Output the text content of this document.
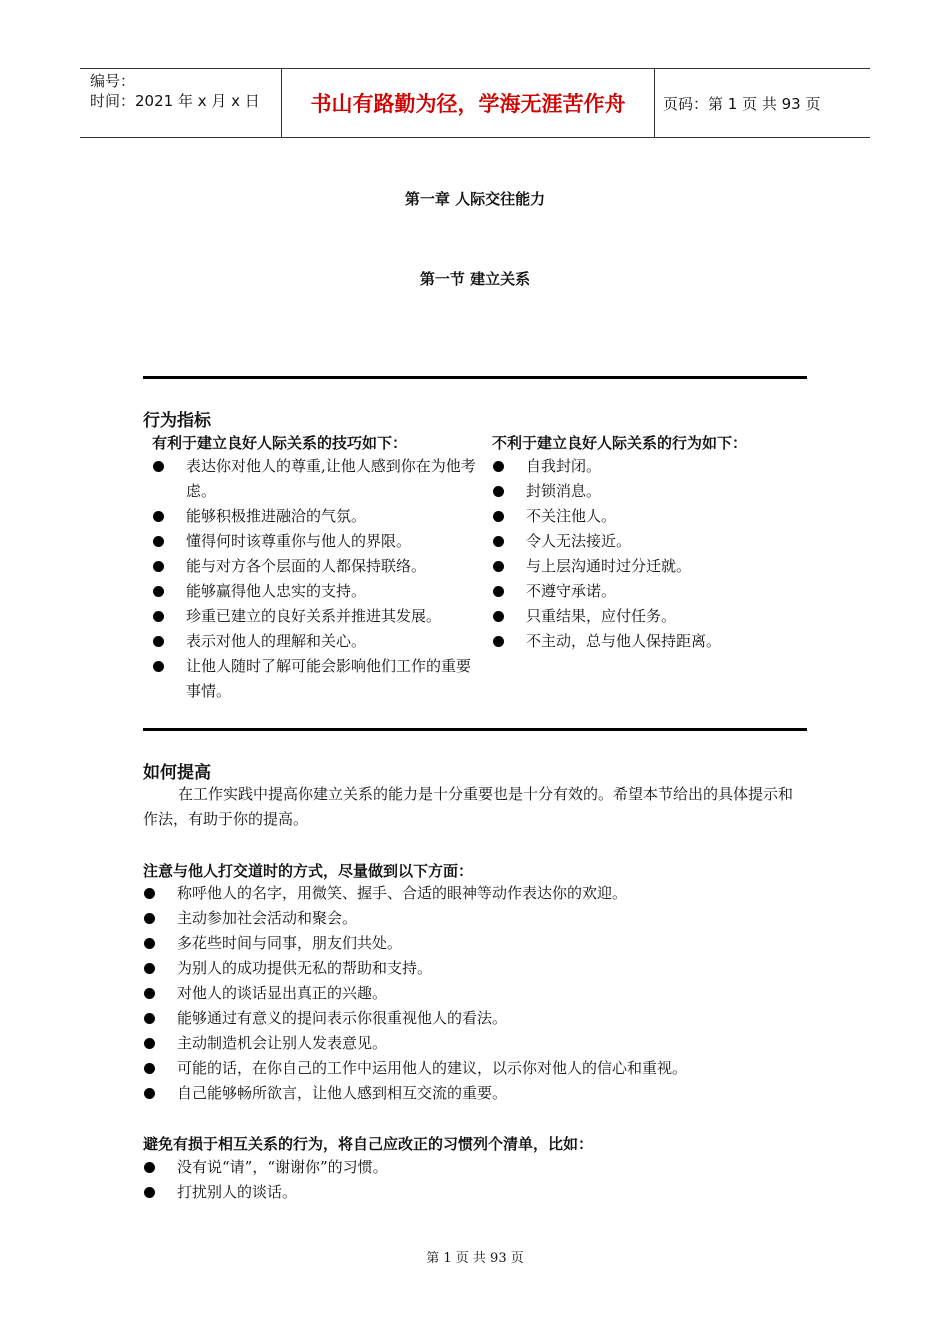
编号：
时间：2021 年 x 月 x 日	书山有路勤为径，学海无涯苦作舟	页码：第 1 页 共 93 页
第一章 人际交往能力
第一节 建立关系
行为指标
有利于建立良好人际关系的技巧如下：
表达你对他人的尊重,让他人感到你在为他考虑。
能够积极推进融洽的气氛。
懂得何时该尊重你与他人的界限。
能与对方各个层面的人都保持联络。
能够赢得他人忠实的支持。
珍重已建立的良好关系并推进其发展。
表示对他人的理解和关心。
让他人随时了解可能会影响他们工作的重要事情。
不利于建立良好人际关系的行为如下：
自我封闭。
封锁消息。
不关注他人。
令人无法接近。
与上层沟通时过分迁就。
不遵守承诺。
只重结果，应付任务。
不主动，总与他人保持距离。
如何提高
在工作实践中提高你建立关系的能力是十分重要也是十分有效的。希望本节给出的具体提示和作法，有助于你的提高。
注意与他人打交道时的方式，尽量做到以下方面：
称呼他人的名字，用微笑、握手、合适的眼神等动作表达你的欢迎。
主动参加社会活动和聚会。
多花些时间与同事，朋友们共处。
为别人的成功提供无私的帮助和支持。
对他人的谈话显出真正的兴趣。
能够通过有意义的提问表示你很重视他人的看法。
主动制造机会让别人发表意见。
可能的话，在你自己的工作中运用他人的建议，以示你对他人的信心和重视。
自己能够畅所欲言，让他人感到相互交流的重要。
避免有损于相互关系的行为，将自己应改正的习惯列个清单，比如：
没有说“请”，“谢谢你”的习惯。
打扰别人的谈话。
第 1 页 共 93 页
